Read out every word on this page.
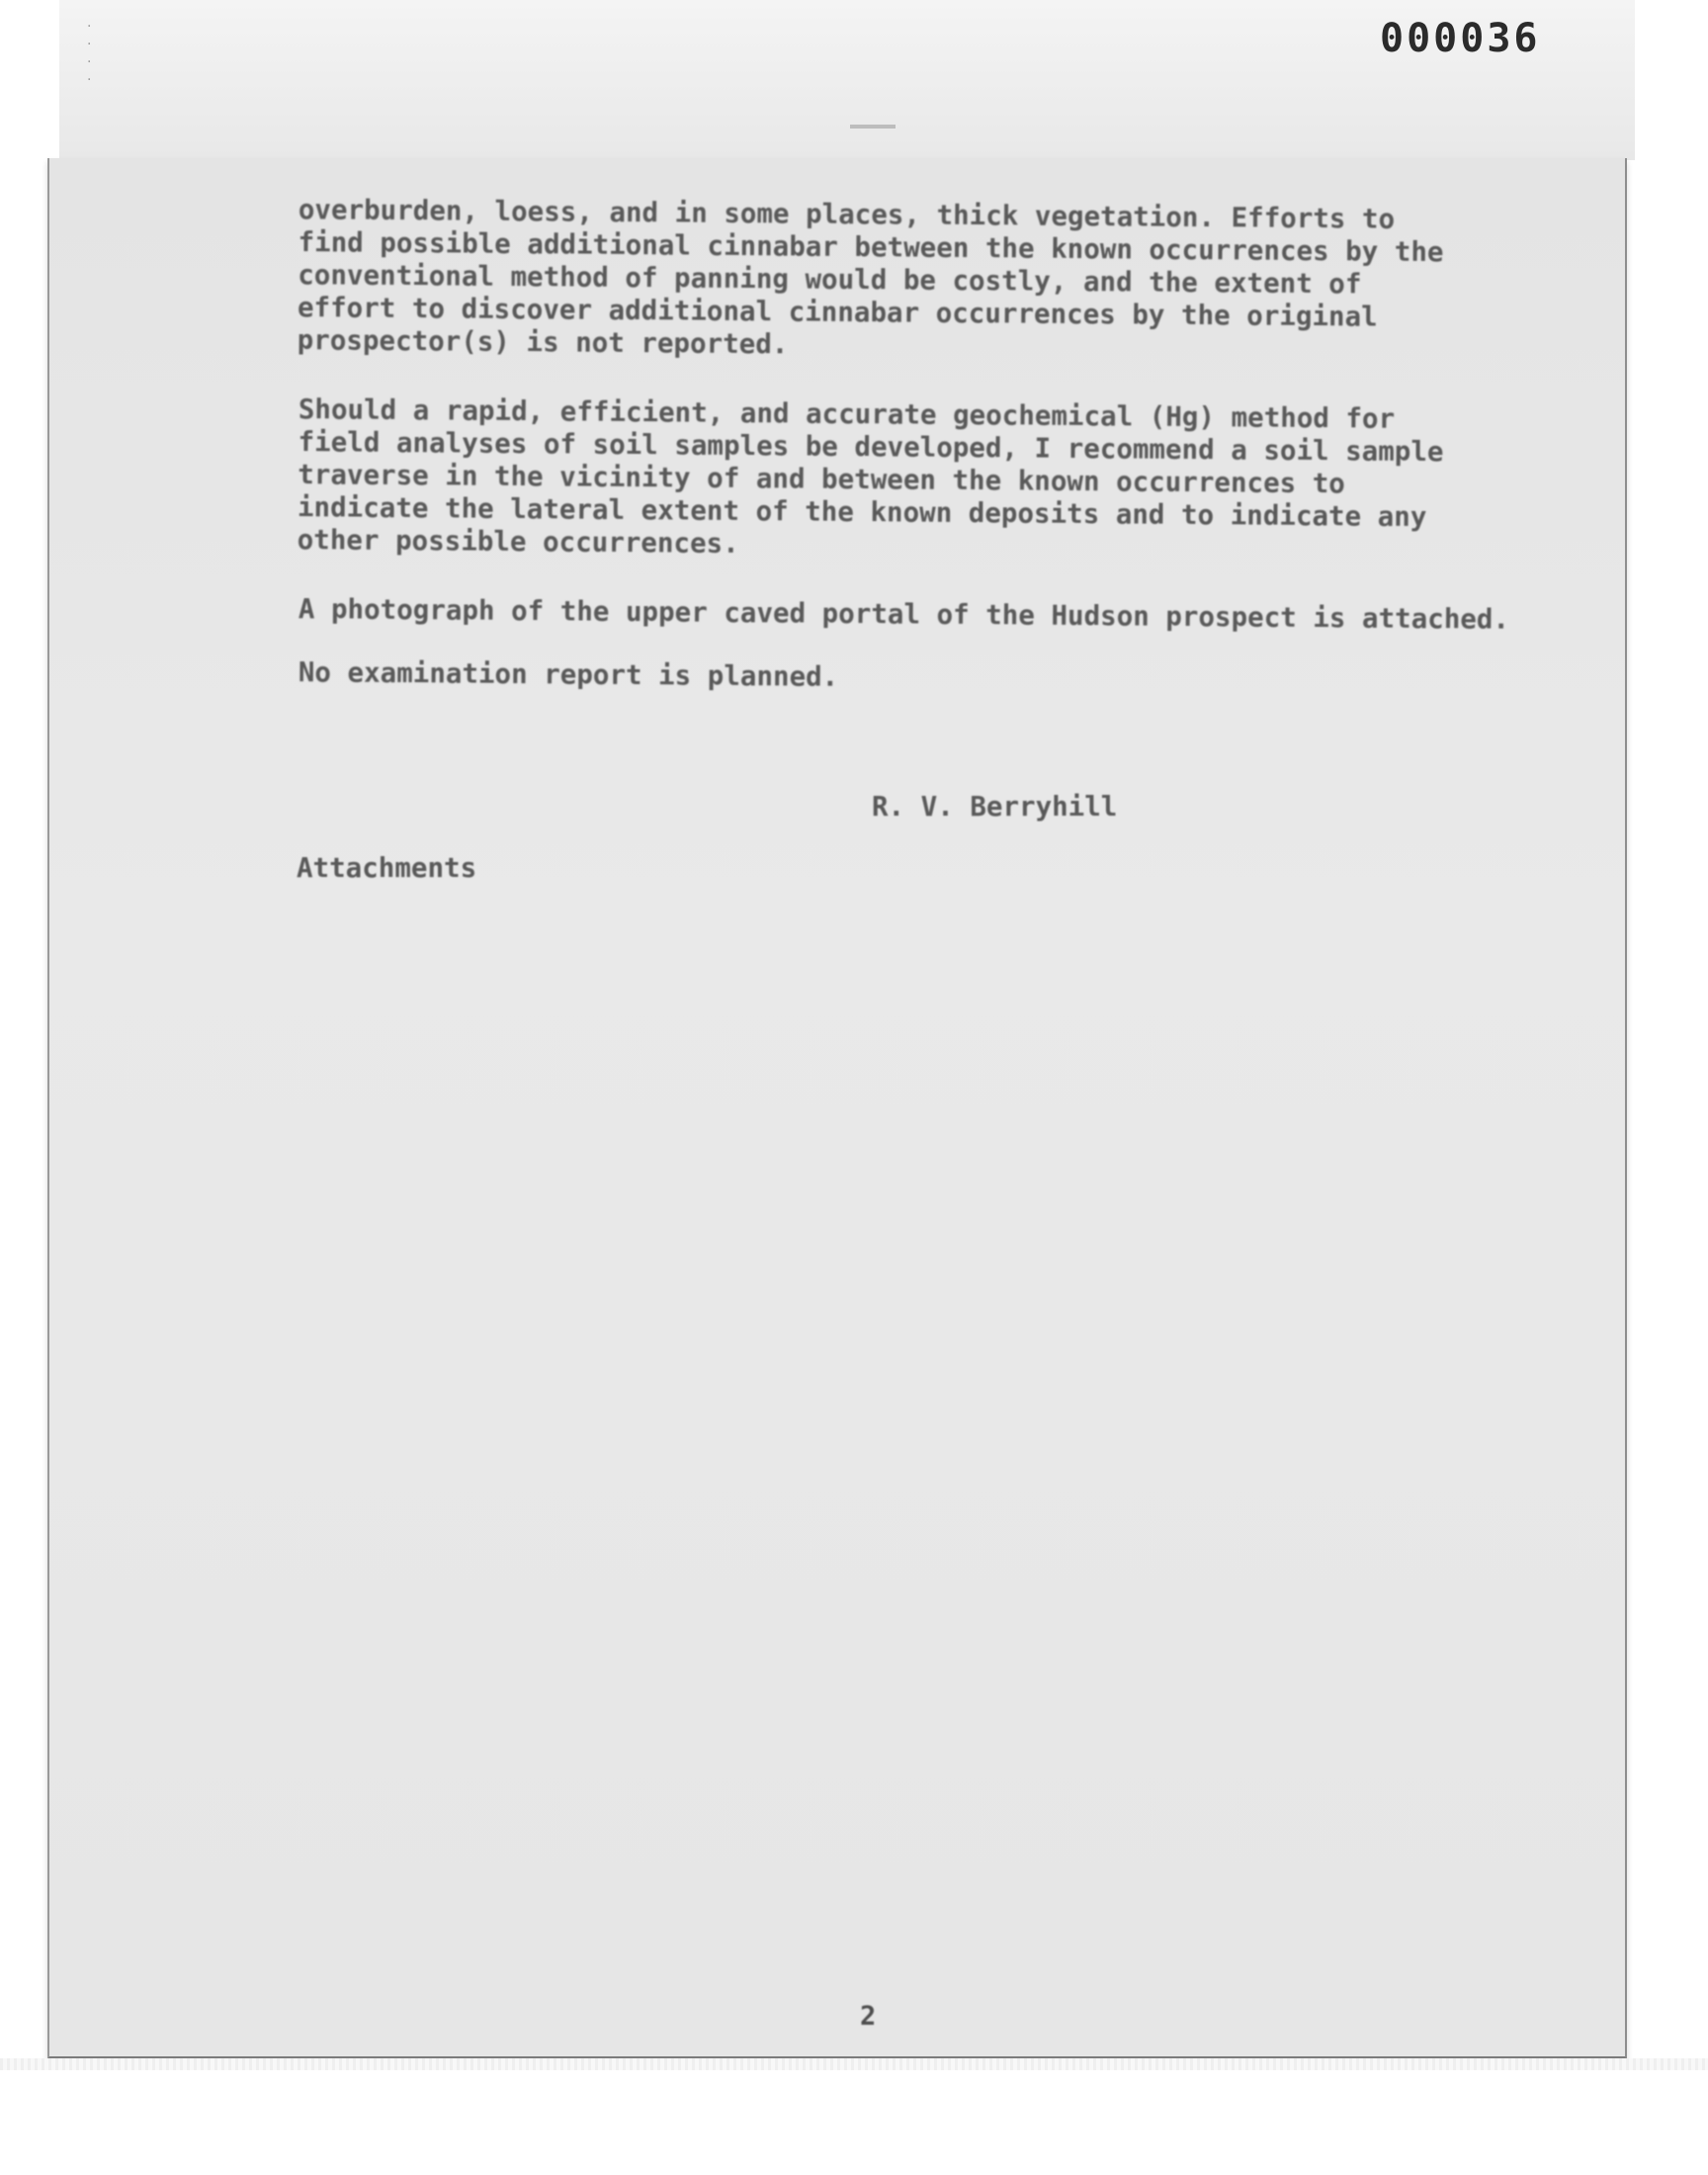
·
·
·
·
000036

overburden, loess, and in some places, thick vegetation. Efforts to find possible additional cinnabar between the known occurrences by the conventional method of panning would be costly, and the extent of effort to discover additional cinnabar occurrences by the original prospector(s) is not reported.

Should a rapid, efficient, and accurate geochemical (Hg) method for field analyses of soil samples be developed, I recommend a soil sample traverse in the vicinity of and between the known occurrences to indicate the lateral extent of the known deposits and to indicate any other possible occurrences.

A photograph of the upper caved portal of the Hudson prospect is attached.

No examination report is planned.

R. V. Berryhill
Attachments
2
